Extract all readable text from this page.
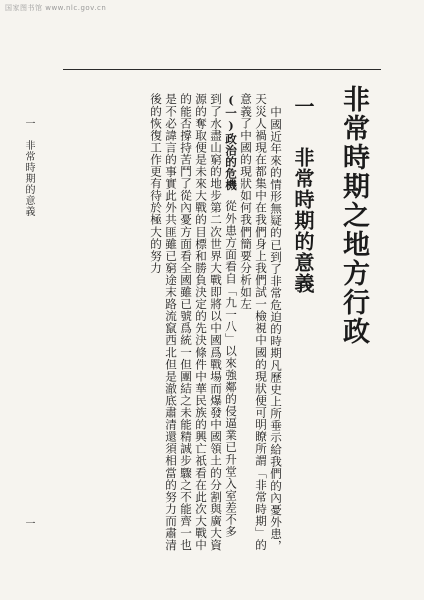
国家图书馆 www.nlc.gov.cn
非常時期之地方行政
一
非常時期的意義
中國近年來的情形無疑的已到了非常危迫的時期凡歷史上所垂示給我們的內憂外患，
天災人禍現在都集中在我們身上我們試一檢視中國的現狀便可明瞭所謂「非常時期」的
意義了中國的現狀如何我們簡要分析如左
(一)政治的危機
從外患方面看自「九一八」以來強鄰的侵逼業已升堂入室差不多
到了水盡山窮的地步第二次世界大戰即將以中國爲戰場而爆發中國領土的分割與廣大資
源的奪取便是未來大戰的目標和勝負決定的先決條件中華民族的興亡祇看在此次大戰中
的能否撐持苦鬥了從內憂方面看全國雖已號爲統一但團結之未能精誠步驟之不能齊一也
是不必諱言的事實此外共匪雖已窮途末路流竄西北但是澈底肅清還須相當的努力而肅清
後的恢復工作更有待於極大的努力
一　非常時期的意義
一
